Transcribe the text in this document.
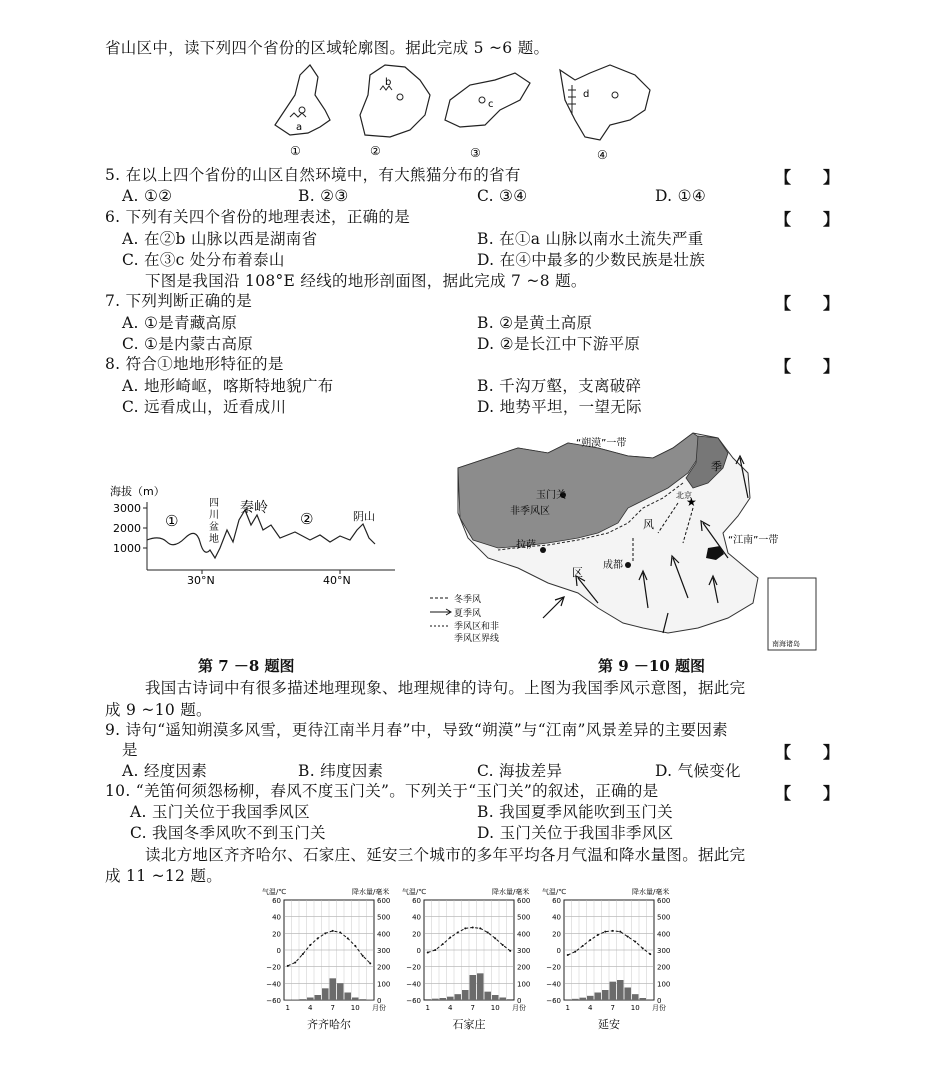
省山区中，读下列四个省份的区域轮廓图。据此完成 5 ~6 题。
a
①
b
②
c
③
d
④
5. 在以上四个省份的山区自然环境中，有大熊猫分布的省有	【　　】
A. ①②	B. ②③	C. ③④	D. ①④
6. 下列有关四个省份的地理表述，正确的是	【　　】
A. 在②b 山脉以西是湖南省	B. 在①a 山脉以南水土流失严重
C. 在③c 处分布着泰山	D. 在④中最多的少数民族是壮族
下图是我国沿 108°E 经线的地形剖面图，据此完成 7 ~8 题。
7. 下列判断正确的是	【　　】
A. ①是青藏高原	B. ②是黄土高原
C. ①是内蒙古高原	D. ②是长江中下游平原
8. 符合①地地形特征的是	【　　】
A. 地形崎岖，喀斯特地貌广布	B. 千沟万壑，支离破碎
C. 远看成山，近看成川	D. 地势平坦，一望无际
海拔（m）
3000
2000
1000
30°N	40°N
①
四
川
盆
地
秦岭
②	阴山
★
“朔漠”一带
玉门关
非季风区
拉萨
成都
北京
“江南”一带
季
风
区
冬季风
夏季风
季风区和非
季风区界线	南海诸岛
第 7 －8 题图	第 9 －10 题图
我国古诗词中有很多描述地理现象、地理规律的诗句。上图为我国季风示意图，据此完
成 9 ~10 题。
9. 诗句“遥知朔漠多风雪，更待江南半月春”中，导致“朔漠”与“江南”风景差异的主要因素
是	【　　】
A. 经度因素	B. 纬度因素	C. 海拔差异	D. 气候变化
10. “羌笛何须怨杨柳，春风不度玉门关”。下列关于“玉门关”的叙述，正确的是	【　　】
A. 玉门关位于我国季风区	B. 我国夏季风能吹到玉门关
C. 我国冬季风吹不到玉门关	D. 玉门关位于我国非季风区
读北方地区齐齐哈尔、石家庄、延安三个城市的多年平均各月气温和降水量图。据此完
成 11 ~12 题。
气温/℃	降水量/毫米
60
40
20
0
−20
−40
−60
600
500
400
300
200
100
0
1	4	7 10 月份
齐齐哈尔
气温/℃	降水量/毫米
60
40
20
0
−20
−40
−60
600
500
400
300
200
100
0
1	4	7 10 月份
石家庄
气温/℃	降水量/毫米
60
40
20
0
−20
−40
−60
600
500
400
300
200
100
0
1	4	7 10 月份
延安
